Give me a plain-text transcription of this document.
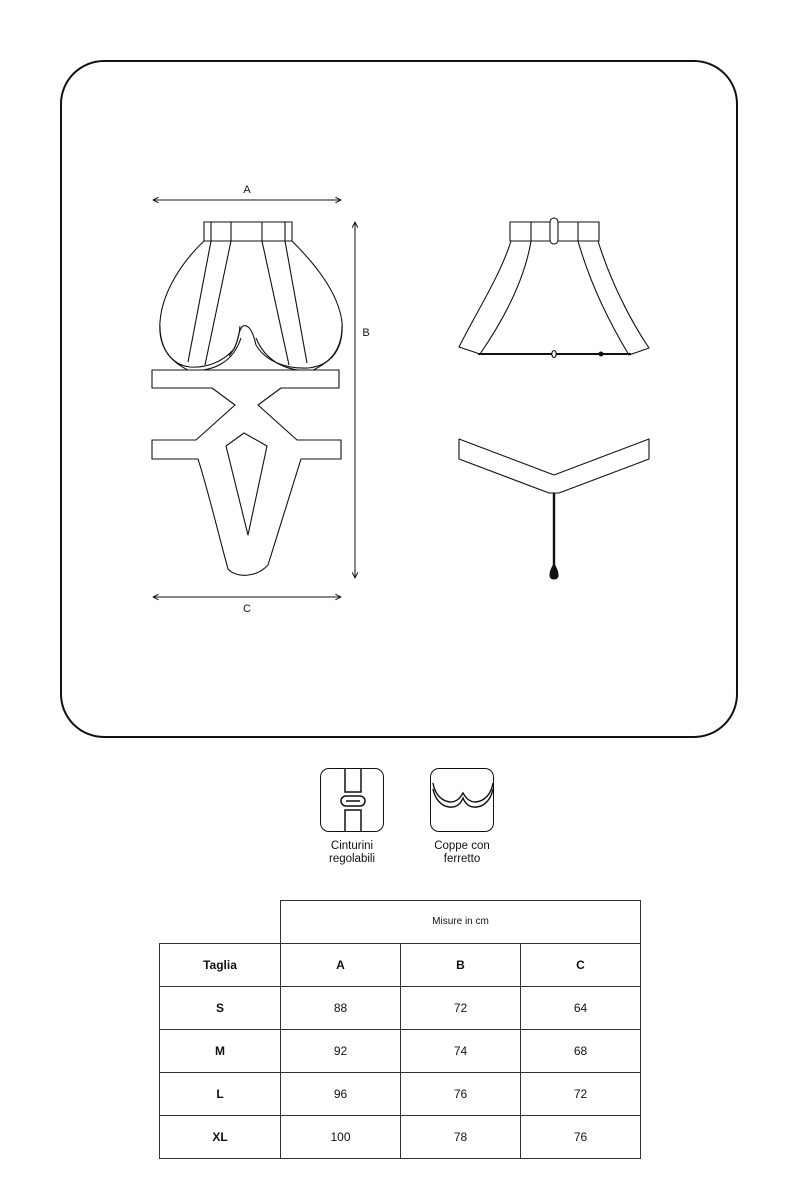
A
B
C
Cinturini
regolabili
Coppe con
ferretto
	Misure in cm		
Taglia	A	B	C
S	88	72	64
M	92	74	68
L	96	76	72
XL	100	78	76
